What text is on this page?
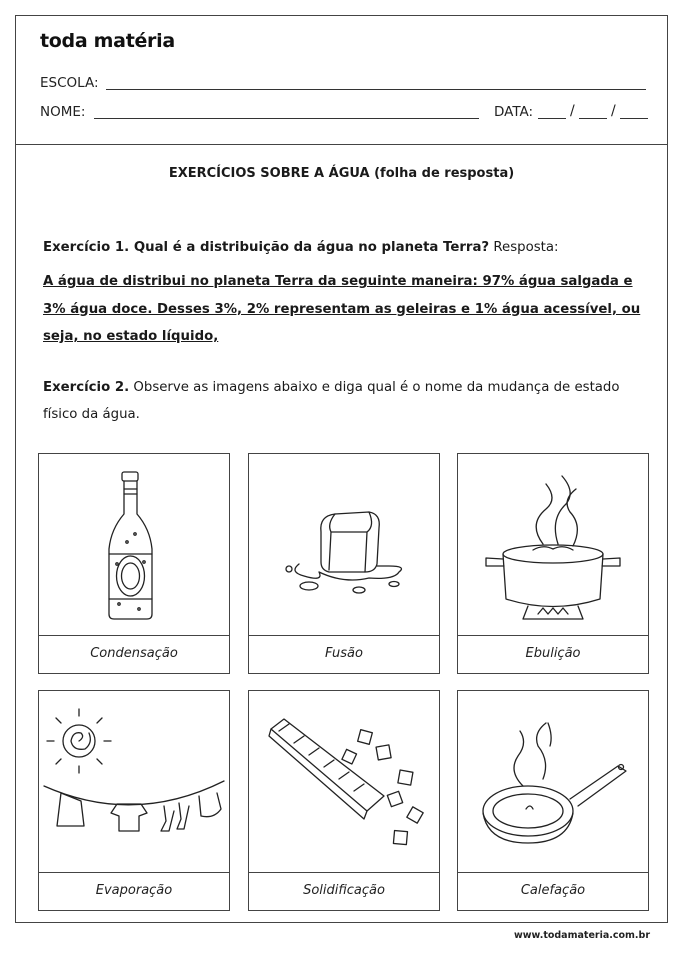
toda matéria
ESCOLA:
NOME:	DATA:	/	/
EXERCÍCIOS SOBRE A ÁGUA (folha de resposta)
Exercício 1. Qual é a distribuição da água no planeta Terra? Resposta:
A água de distribui no planeta Terra da seguinte maneira: 97% água salgada e 3% água doce. Desses 3%, 2% representam as geleiras e 1% água acessível, ou seja, no estado líquido,
Exercício 2. Observe as imagens abaixo e diga qual é o nome da mudança de estado físico da água.
Condensação	Fusão	Ebulição
Evaporação	Solidificação	Calefação
www.todamateria.com.br
